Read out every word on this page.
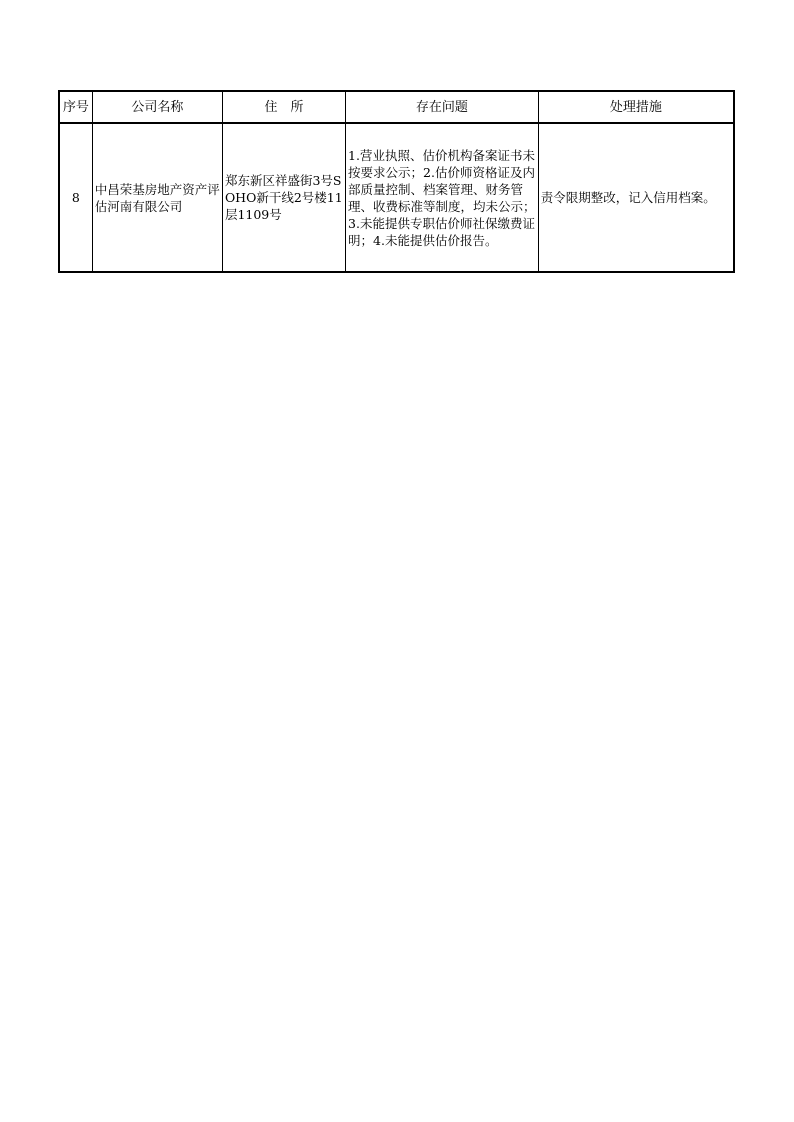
序号	公司名称	住　所	存在问题	处理措施
8	中昌荣基房地产资产评估河南有限公司	郑东新区祥盛街3号SOHO新干线2号楼11层1109号	1.营业执照、估价机构备案证书未按要求公示；2.估价师资格证及内部质量控制、档案管理、财务管理、收费标准等制度，均未公示；3.未能提供专职估价师社保缴费证明；4.未能提供估价报告。	责令限期整改，记入信用档案。
